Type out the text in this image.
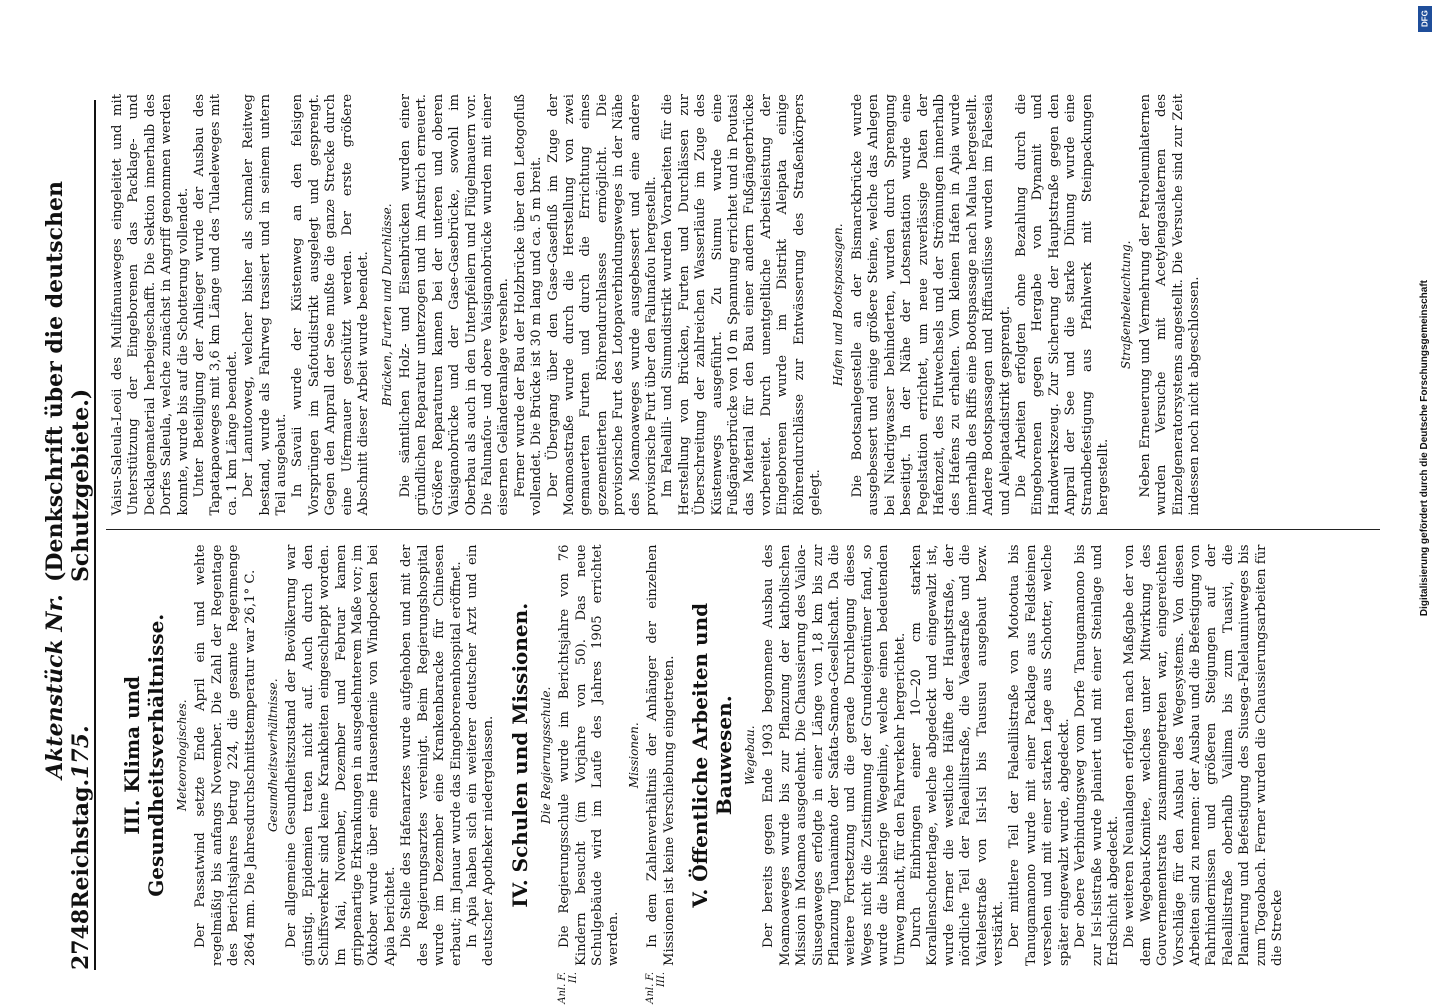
2748
Reichstag.
Aktenstück Nr. 175.
(Denkschrift über die deutschen Schutzgebiete.)
III. Klima und Gesundheitsverhältnisse. Meteorologisches. Der Passatwind setzte Ende April ein und wehte regelmäßig bis anfangs November. Die Zahl der Regentage des Berichtsjahres betrug 224, die gesamte Regenmenge 2864 mm. Die Jahresdurchschnittstemperatur war 26,1° C. Gesundheitsverhältnisse. Der allgemeine Gesundheitszustand der Bevölkerung war günstig. Epidemien traten nicht auf. Auch durch den Schiffsverkehr sind keine Krankheiten eingeschleppt worden. Im Mai, November, Dezember und Februar kamen grippenartige Erkrankungen in ausgedehnterem Maße vor; im Oktober wurde über eine Hausendemie von Windpocken bei Apia berichtet. Die Stelle des Hafenarztes wurde aufgehoben und mit der des Regierungsarztes vereinigt. Beim Regierungshospital wurde im Dezember eine Krankenbaracke für Chinesen erbaut; im Januar wurde das Eingeborenenhospital eröffnet. In Apia haben sich ein weiterer deutscher Arzt und ein deutscher Apotheker niedergelassen. IV. Schulen und Missionen. Die Regierungsschule.
Anl. F. II.

Die Regierungsschule wurde im Berichtsjahre von 76 Kindern besucht (im Vorjahre von 50). Das neue Schulgebäude wird im Laufe des Jahres 1905 errichtet werden.

Missionen.
Anl. F. III.

In dem Zahlenverhältnis der Anhänger der einzelnen Missionen ist keine Verschiebung eingetreten. V. Öffentliche Arbeiten und Bauwesen. Wegebau. Der bereits gegen Ende 1903 begonnene Ausbau des Moamoaweges wurde bis zur Pflanzung der katholischen Mission in Moamoa ausgedehnt. Die Chaussierung des Vailoa-Siusegaweges erfolgte in einer Länge von 1,8 km bis zur Pflanzung Tuanaimato der Safata-Samoa-Gesellschaft. Da die weitere Fortsetzung und die gerade Durchlegung dieses Weges nicht die Zustimmung der Grundeigentümer fand, so wurde die bisherige Wegelinie, welche einen bedeutenden Umweg macht, für den Fahrverkehr hergerichtet. Durch Einbringen einer 10—20 cm starken Korallenschotterlage, welche abgedeckt und eingewalzt ist, wurde ferner die westliche Hälfte der Hauptstraße, der nördliche Teil der Falealilistraße, die Vaeastraße und die Vaitelestraße von Isi-Isi bis Taususu ausgebaut bezw. verstärkt. Der mittlere Teil der Falealilistraße von Motootua bis Tanugamanono wurde mit einer Packlage aus Feldsteinen versehen und mit einer starken Lage aus Schotter, welche später eingewalzt wurde, abgedeckt. Der obere Verbindungsweg vom Dorfe Tanugamanono bis zur Isi-Isistraße wurde planiert und mit einer Steinlage und Erdschicht abgedeckt. Die weiteren Neuanlagen erfolgten nach Maßgabe der von dem Wegebau-Komitee, welches unter Mitwirkung des Gouvernementsrats zusammengetreten war, eingereichten Vorschläge für den Ausbau des Wegesystems. Von diesen Arbeiten sind zu nennen: der Ausbau und die Befestigung von Fahrhindernissen und größeren Steigungen auf der Falealilistraße oberhalb Vailima bis zum Tuasivi, die Planierung und Befestigung des Siusega-Falelauniuweges bis zum Togaobach. Ferner wurden die Chaussierungsarbeiten für die Strecke

Vaisu-Saleula-Leoii des Mulifanuaweges eingeleitet und mit Unterstützung der Eingeborenen das Packlage- und Decklagematerial herbeigeschafft. Die Sektion innerhalb des Dorfes Saleula, welche zunächst in Angriff genommen werden konnte, wurde bis auf die Schotterung vollendet. Unter Beteiligung der Anlieger wurde der Ausbau des Tapatapaoweges mit 3,6 km Länge und des Tulaeleweges mit ca. 1 km Länge beendet. Der Lanutooweg, welcher bisher als schmaler Reitweg bestand, wurde als Fahrweg trassiert und in seinem untern Teil ausgebaut. In Savaii wurde der Küstenweg an den felsigen Vorsprüngen im Safotudistrikt ausgelegt und gesprengt. Gegen den Anprall der See mußte die ganze Strecke durch eine Ufermauer geschützt werden. Der erste größere Abschnitt dieser Arbeit wurde beendet. Brücken, Furten und Durchlässe. Die sämtlichen Holz- und Eisenbrücken wurden einer gründlichen Reparatur unterzogen und im Anstrich erneuert. Größere Reparaturen kamen bei der unteren und oberen Vaisiganobrücke und der Gase-Gasebrücke, sowohl im Oberbau als auch in den Unterpfeilern und Flügelmauern vor. Die Falunafou- und obere Vaisiganobrücke wurden mit einer eisernen Geländeranlage versehen. Ferner wurde der Bau der Holzbrücke über den Letogofluß vollendet. Die Brücke ist 30 m lang und ca. 5 m breit. Der Übergang über den Gase-Gasefluß im Zuge der Moamoastraße wurde durch die Herstellung von zwei gemauerten Furten und durch die Errichtung eines gezementierten Röhrendurchlasses ermöglicht. Die provisorische Furt des Lotopaverbindungsweges in der Nähe des Moamoaweges wurde ausgebessert und eine andere provisorische Furt über den Falunafou hergestellt. Im Falealili- und Siumudistrikt wurden Vorarbeiten für die Herstellung von Brücken, Furten und Durchlässen zur Überschreitung der zahlreichen Wasserläufe im Zuge des Küstenwegs ausgeführt. Zu Siumu wurde eine Fußgängerbrücke von 10 m Spannung errichtet und in Poutasi das Material für den Bau einer andern Fußgängerbrücke vorbereitet. Durch unentgeltliche Arbeitsleistung der Eingeborenen wurde im Distrikt Aleipata einige Röhrendurchlässe zur Entwässerung des Straßenkörpers gelegt.

Hafen und Bootspassagen. Die Bootsanlegestelle an der Bismarckbrücke wurde ausgebessert und einige größere Steine, welche das Anlegen bei Niedrigwasser behinderten, wurden durch Sprengung beseitigt. In der Nähe der Lotsenstation wurde eine Pegelstation errichtet, um neue zuverlässige Daten der Hafenzeit, des Flutwechsels und der Strömungen innerhalb des Hafens zu erhalten. Vom kleinen Hafen in Apia wurde innerhalb des Riffs eine Bootspassage nach Malua hergestellt. Andere Bootspassagen und Riffausflüsse wurden im Faleseia und Aleipatadistrikt gesprengt. Die Arbeiten erfolgten ohne Bezahlung durch die Eingeborenen gegen Hergabe von Dynamit und Handwerkszeug. Zur Sicherung der Hauptstraße gegen den Anprall der See und die starke Dünung wurde eine Strandbefestigung aus Pfahlwerk mit Steinpackungen hergestellt.

Straßenbeleuchtung. Neben Erneuerung und Vermehrung der Petroleumlaternen wurden Versuche mit Acetylengaslaternen des Einzelgeneratorsystems angestellt. Die Versuche sind zur Zeit indessen noch nicht abgeschlossen.

DFG
Digitalisierung gefördert durch die Deutsche Forschungsgemeinschaft
